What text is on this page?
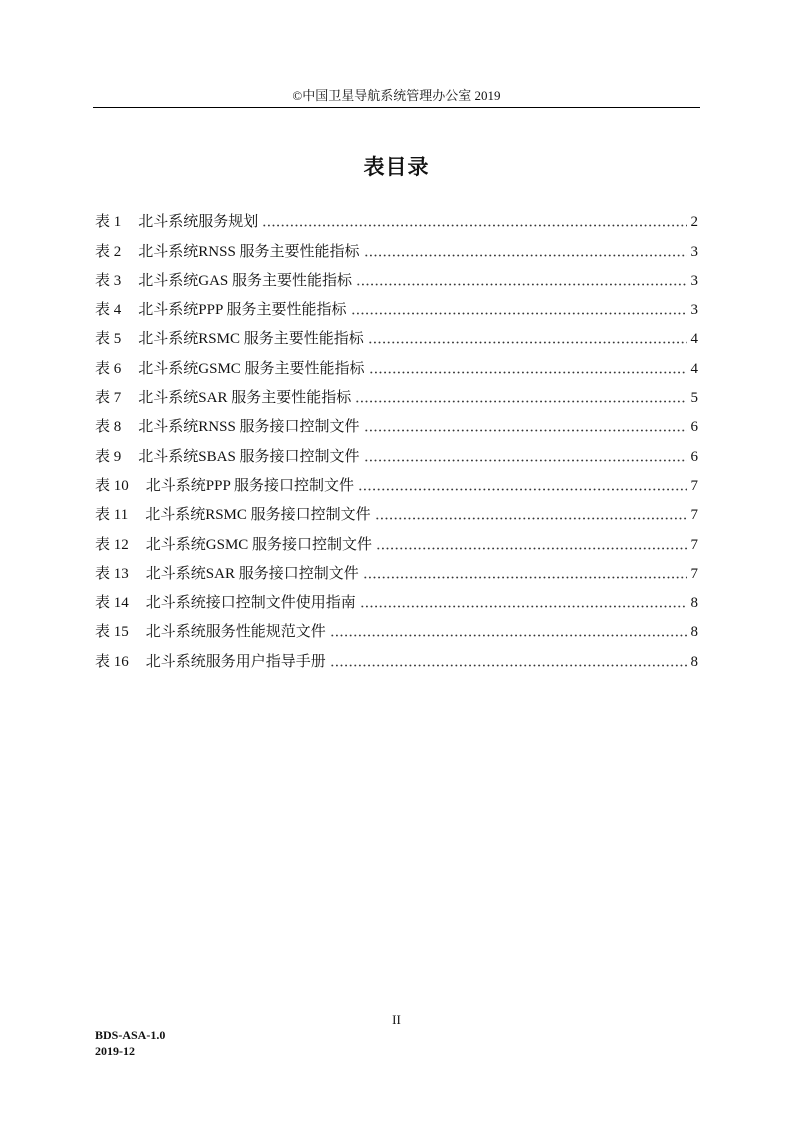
©中国卫星导航系统管理办公室 2019
表目录
表 1 北斗系统服务规划	2
表 2 北斗系统RNSS 服务主要性能指标	3
表 3 北斗系统GAS 服务主要性能指标	3
表 4 北斗系统PPP 服务主要性能指标	3
表 5 北斗系统RSMC 服务主要性能指标	4
表 6 北斗系统GSMC 服务主要性能指标	4
表 7 北斗系统SAR 服务主要性能指标	5
表 8 北斗系统RNSS 服务接口控制文件	6
表 9 北斗系统SBAS 服务接口控制文件	6
表 10 北斗系统PPP 服务接口控制文件	7
表 11 北斗系统RSMC 服务接口控制文件	7
表 12 北斗系统GSMC 服务接口控制文件	7
表 13 北斗系统SAR 服务接口控制文件	7
表 14 北斗系统接口控制文件使用指南	8
表 15 北斗系统服务性能规范文件	8
表 16 北斗系统服务用户指导手册	8
II
BDS-ASA-1.0
2019-12
